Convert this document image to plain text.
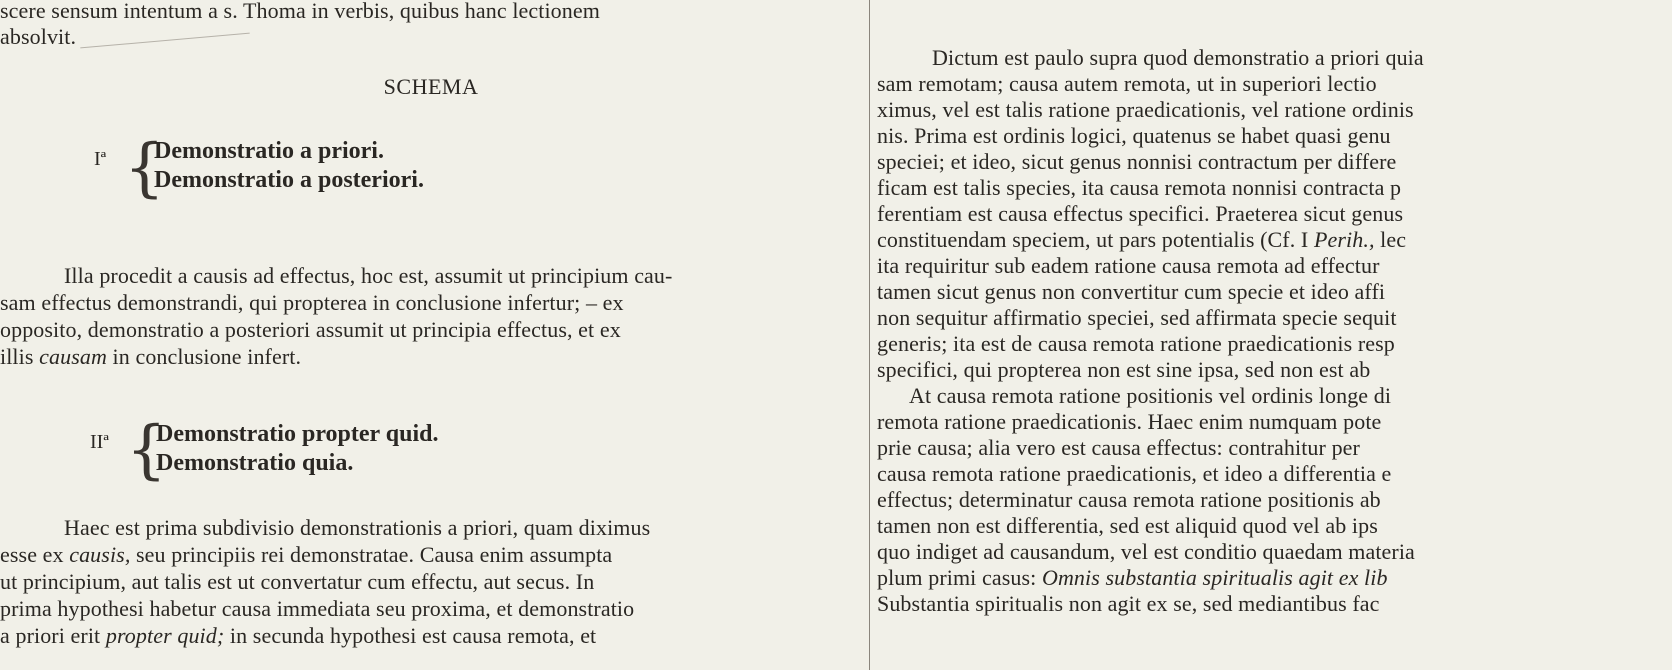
scere sensum intentum a s. Thoma in verbis, quibus hanc lectionem
absolvit.
SCHEMA
Iª {
Demonstratio a priori.
Demonstratio a posteriori.
Illa procedit a causis ad effectus, hoc est, assumit ut principium cau-
sam effectus demonstrandi, qui propterea in conclusione infertur; – ex
opposito, demonstratio a posteriori assumit ut principia effectus, et ex
illis causam in conclusione infert.
IIª {
Demonstratio propter quid.
Demonstratio quia.
Haec est prima subdivisio demonstrationis a priori, quam diximus
esse ex causis, seu principiis rei demonstratae. Causa enim assumpta
ut principium, aut talis est ut convertatur cum effectu, aut secus. In
prima hypothesi habetur causa immediata seu proxima, et demonstratio
a priori erit propter quid; in secunda hypothesi est causa remota, et
Dictum est paulo supra quod demonstratio a priori quia
sam remotam; causa autem remota, ut in superiori lectio
ximus, vel est talis ratione praedicationis, vel ratione ordinis
nis. Prima est ordinis logici, quatenus se habet quasi genu
speciei; et ideo, sicut genus nonnisi contractum per differe
ficam est talis species, ita causa remota nonnisi contracta p
ferentiam est causa effectus specifici. Praeterea sicut genus
constituendam speciem, ut pars potentialis (Cf. I Perih., lec
ita requiritur sub eadem ratione causa remota ad effectur
tamen sicut genus non convertitur cum specie et ideo affi
non sequitur affirmatio speciei, sed affirmata specie sequit
generis; ita est de causa remota ratione praedicationis resp
specifici, qui propterea non est sine ipsa, sed non est ab
At causa remota ratione positionis vel ordinis longe di
remota ratione praedicationis. Haec enim numquam pote
prie causa; alia vero est causa effectus: contrahitur per
causa remota ratione praedicationis, et ideo a differentia e
effectus; determinatur causa remota ratione positionis ab
tamen non est differentia, sed est aliquid quod vel ab ips
quo indiget ad causandum, vel est conditio quaedam materia
plum primi casus: Omnis substantia spiritualis agit ex lib
Substantia spiritualis non agit ex se, sed mediantibus fac
